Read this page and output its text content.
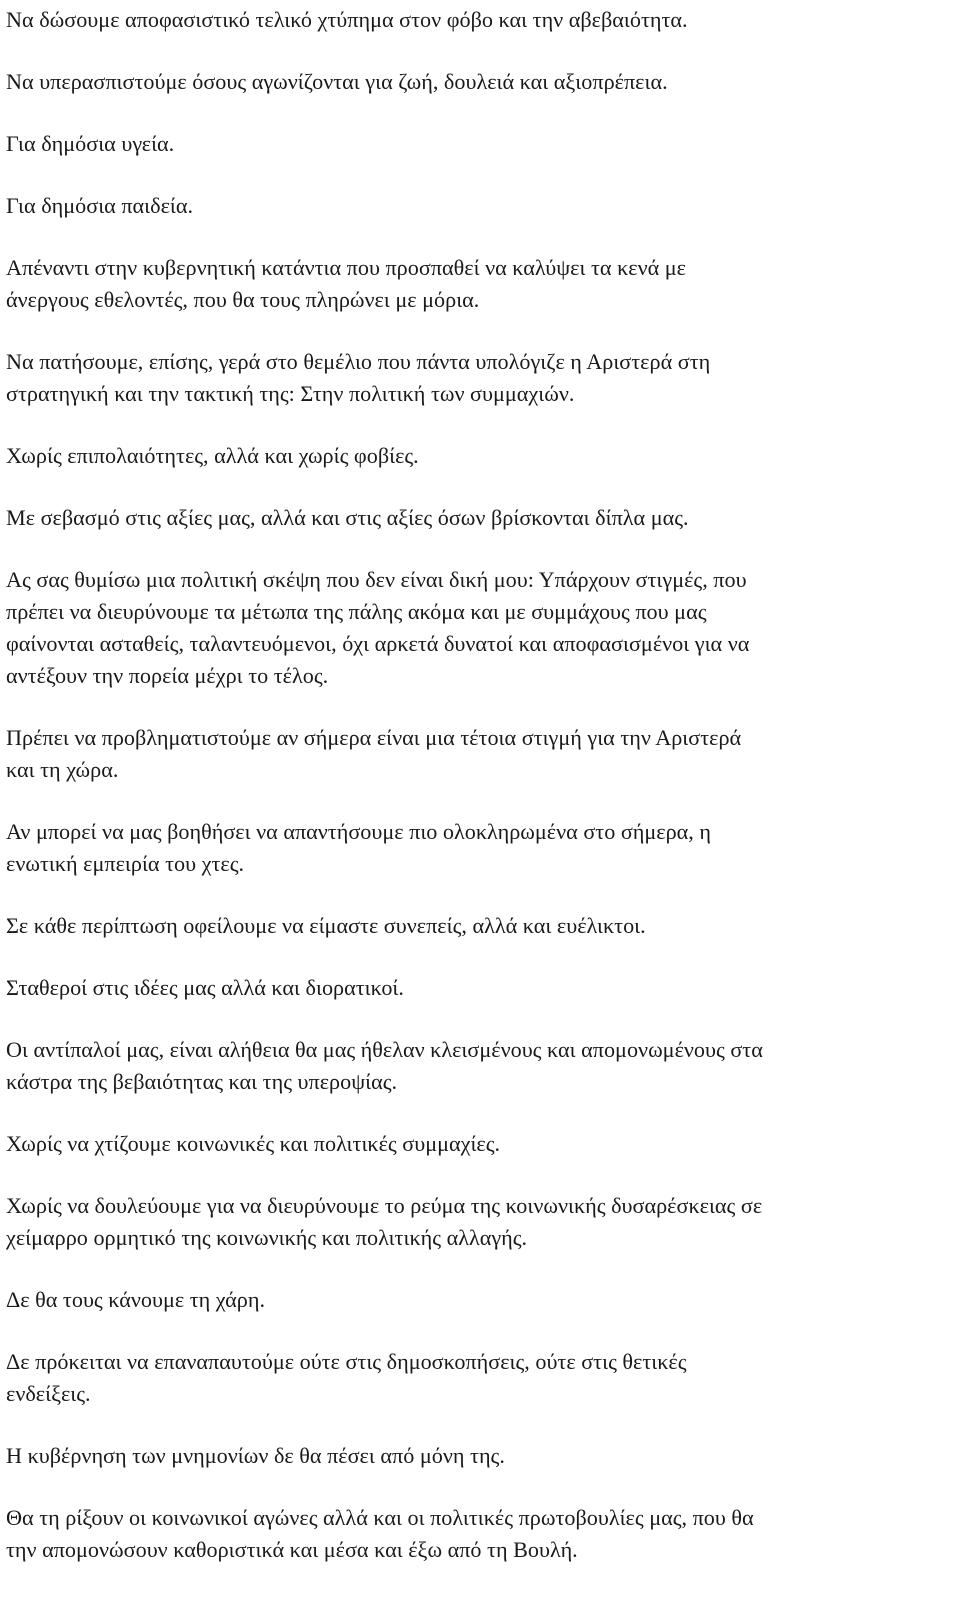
Να δώσουμε αποφασιστικό τελικό χτύπημα στον φόβο και την αβεβαιότητα.

Να υπερασπιστούμε όσους αγωνίζονται για ζωή, δουλειά και αξιοπρέπεια.

Για δημόσια υγεία.

Για δημόσια παιδεία.

Απέναντι στην κυβερνητική κατάντια που προσπαθεί να καλύψει τα κενά με
άνεργους εθελοντές, που θα τους πληρώνει με μόρια.

Να πατήσουμε, επίσης, γερά στο θεμέλιο που πάντα υπολόγιζε η Αριστερά στη
στρατηγική και την τακτική της: Στην πολιτική των συμμαχιών.

Χωρίς επιπολαιότητες, αλλά και χωρίς φοβίες.

Με σεβασμό στις αξίες μας, αλλά και στις αξίες όσων βρίσκονται δίπλα μας.

Ας σας θυμίσω μια πολιτική σκέψη που δεν είναι δική μου: Υπάρχουν στιγμές, που
πρέπει να διευρύνουμε τα μέτωπα της πάλης ακόμα και με συμμάχους που μας
φαίνονται ασταθείς, ταλαντευόμενοι, όχι αρκετά δυνατοί και αποφασισμένοι για να
αντέξουν την πορεία μέχρι το τέλος.

Πρέπει να προβληματιστούμε αν σήμερα είναι μια τέτοια στιγμή για την Αριστερά
και τη χώρα.

Αν μπορεί να μας βοηθήσει να απαντήσουμε πιο ολοκληρωμένα στο σήμερα, η
ενωτική εμπειρία του χτες.

Σε κάθε περίπτωση οφείλουμε να είμαστε συνεπείς, αλλά και ευέλικτοι.

Σταθεροί στις ιδέες μας αλλά και διορατικοί.

Οι αντίπαλοί μας, είναι αλήθεια θα μας ήθελαν κλεισμένους και απομονωμένους στα
κάστρα της βεβαιότητας και της υπεροψίας.

Χωρίς να χτίζουμε κοινωνικές και πολιτικές συμμαχίες.

Χωρίς να δουλεύουμε για να διευρύνουμε το ρεύμα της κοινωνικής δυσαρέσκειας σε
χείμαρρο ορμητικό της κοινωνικής και πολιτικής αλλαγής.

Δε θα τους κάνουμε τη χάρη.

Δε πρόκειται να επαναπαυτούμε ούτε στις δημοσκοπήσεις, ούτε στις θετικές
ενδείξεις.

Η κυβέρνηση των μνημονίων δε θα πέσει από μόνη της.

Θα τη ρίξουν οι κοινωνικοί αγώνες αλλά και οι πολιτικές πρωτοβουλίες μας, που θα
την απομονώσουν καθοριστικά και μέσα και έξω από τη Βουλή.
